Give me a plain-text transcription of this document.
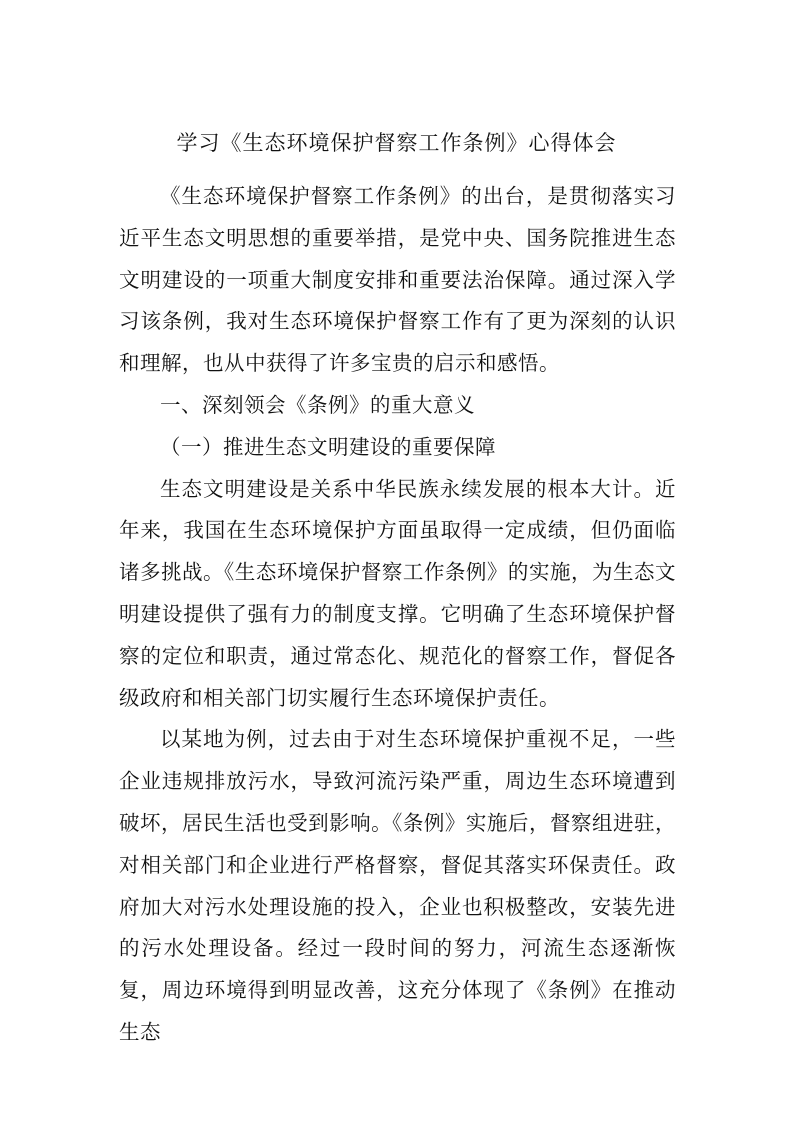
学习《生态环境保护督察工作条例》心得体会

《生态环境保护督察工作条例》的出台，是贯彻落实习近平生态文明思想的重要举措，是党中央、国务院推进生态文明建设的一项重大制度安排和重要法治保障。通过深入学习该条例，我对生态环境保护督察工作有了更为深刻的认识和理解，也从中获得了许多宝贵的启示和感悟。

一、深刻领会《条例》的重大意义

（一）推进生态文明建设的重要保障

生态文明建设是关系中华民族永续发展的根本大计。近年来，我国在生态环境保护方面虽取得一定成绩，但仍面临诸多挑战。《生态环境保护督察工作条例》的实施，为生态文明建设提供了强有力的制度支撑。它明确了生态环境保护督察的定位和职责，通过常态化、规范化的督察工作，督促各级政府和相关部门切实履行生态环境保护责任。

以某地为例，过去由于对生态环境保护重视不足，一些企业违规排放污水，导致河流污染严重，周边生态环境遭到破坏，居民生活也受到影响。《条例》实施后，督察组进驻，对相关部门和企业进行严格督察，督促其落实环保责任。政府加大对污水处理设施的投入，企业也积极整改，安装先进的污水处理设备。经过一段时间的努力，河流生态逐渐恢复，周边环境得到明显改善，这充分体现了《条例》在推动生态
